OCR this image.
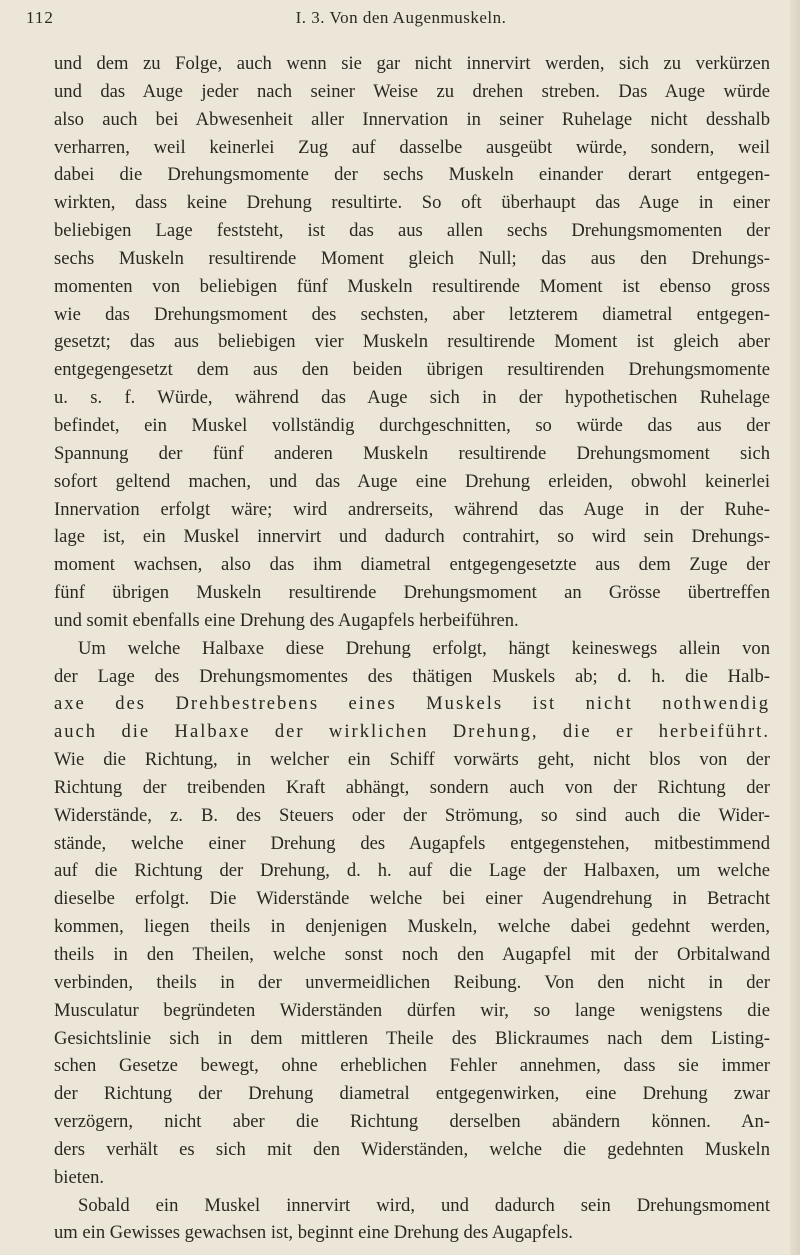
112	I. 3. Von den Augenmuskeln.
und dem zu Folge, auch wenn sie gar nicht innervirt werden, sich zu verkürzen
und das Auge jeder nach seiner Weise zu drehen streben. Das Auge würde
also auch bei Abwesenheit aller Innervation in seiner Ruhelage nicht desshalb
verharren, weil keinerlei Zug auf dasselbe ausgeübt würde, sondern, weil
dabei die Drehungsmomente der sechs Muskeln einander derart entgegen-
wirkten, dass keine Drehung resultirte. So oft überhaupt das Auge in einer
beliebigen Lage feststeht, ist das aus allen sechs Drehungsmomenten der
sechs Muskeln resultirende Moment gleich Null; das aus den Drehungs-
momenten von beliebigen fünf Muskeln resultirende Moment ist ebenso gross
wie das Drehungsmoment des sechsten, aber letzterem diametral entgegen-
gesetzt; das aus beliebigen vier Muskeln resultirende Moment ist gleich aber
entgegengesetzt dem aus den beiden übrigen resultirenden Drehungsmomente
u. s. f. Würde, während das Auge sich in der hypothetischen Ruhelage
befindet, ein Muskel vollständig durchgeschnitten, so würde das aus der
Spannung der fünf anderen Muskeln resultirende Drehungsmoment sich
sofort geltend machen, und das Auge eine Drehung erleiden, obwohl keinerlei
Innervation erfolgt wäre; wird andrerseits, während das Auge in der Ruhe-
lage ist, ein Muskel innervirt und dadurch contrahirt, so wird sein Drehungs-
moment wachsen, also das ihm diametral entgegengesetzte aus dem Zuge der
fünf übrigen Muskeln resultirende Drehungsmoment an Grösse übertreffen
und somit ebenfalls eine Drehung des Augapfels herbeiführen.
Um welche Halbaxe diese Drehung erfolgt, hängt keineswegs allein von
der Lage des Drehungsmomentes des thätigen Muskels ab; d. h. die Halb-
axe des Drehbestrebens eines Muskels ist nicht nothwendig
auch die Halbaxe der wirklichen Drehung, die er herbeiführt.
Wie die Richtung, in welcher ein Schiff vorwärts geht, nicht blos von der
Richtung der treibenden Kraft abhängt, sondern auch von der Richtung der
Widerstände, z. B. des Steuers oder der Strömung, so sind auch die Wider-
stände, welche einer Drehung des Augapfels entgegenstehen, mitbestimmend
auf die Richtung der Drehung, d. h. auf die Lage der Halbaxen, um welche
dieselbe erfolgt. Die Widerstände welche bei einer Augendrehung in Betracht
kommen, liegen theils in denjenigen Muskeln, welche dabei gedehnt werden,
theils in den Theilen, welche sonst noch den Augapfel mit der Orbitalwand
verbinden, theils in der unvermeidlichen Reibung. Von den nicht in der
Musculatur begründeten Widerständen dürfen wir, so lange wenigstens die
Gesichtslinie sich in dem mittleren Theile des Blickraumes nach dem Listing-
schen Gesetze bewegt, ohne erheblichen Fehler annehmen, dass sie immer
der Richtung der Drehung diametral entgegenwirken, eine Drehung zwar
verzögern, nicht aber die Richtung derselben abändern können. An-
ders verhält es sich mit den Widerständen, welche die gedehnten Muskeln
bieten.
Sobald ein Muskel innervirt wird, und dadurch sein Drehungsmoment
um ein Gewisses gewachsen ist, beginnt eine Drehung des Augapfels.
